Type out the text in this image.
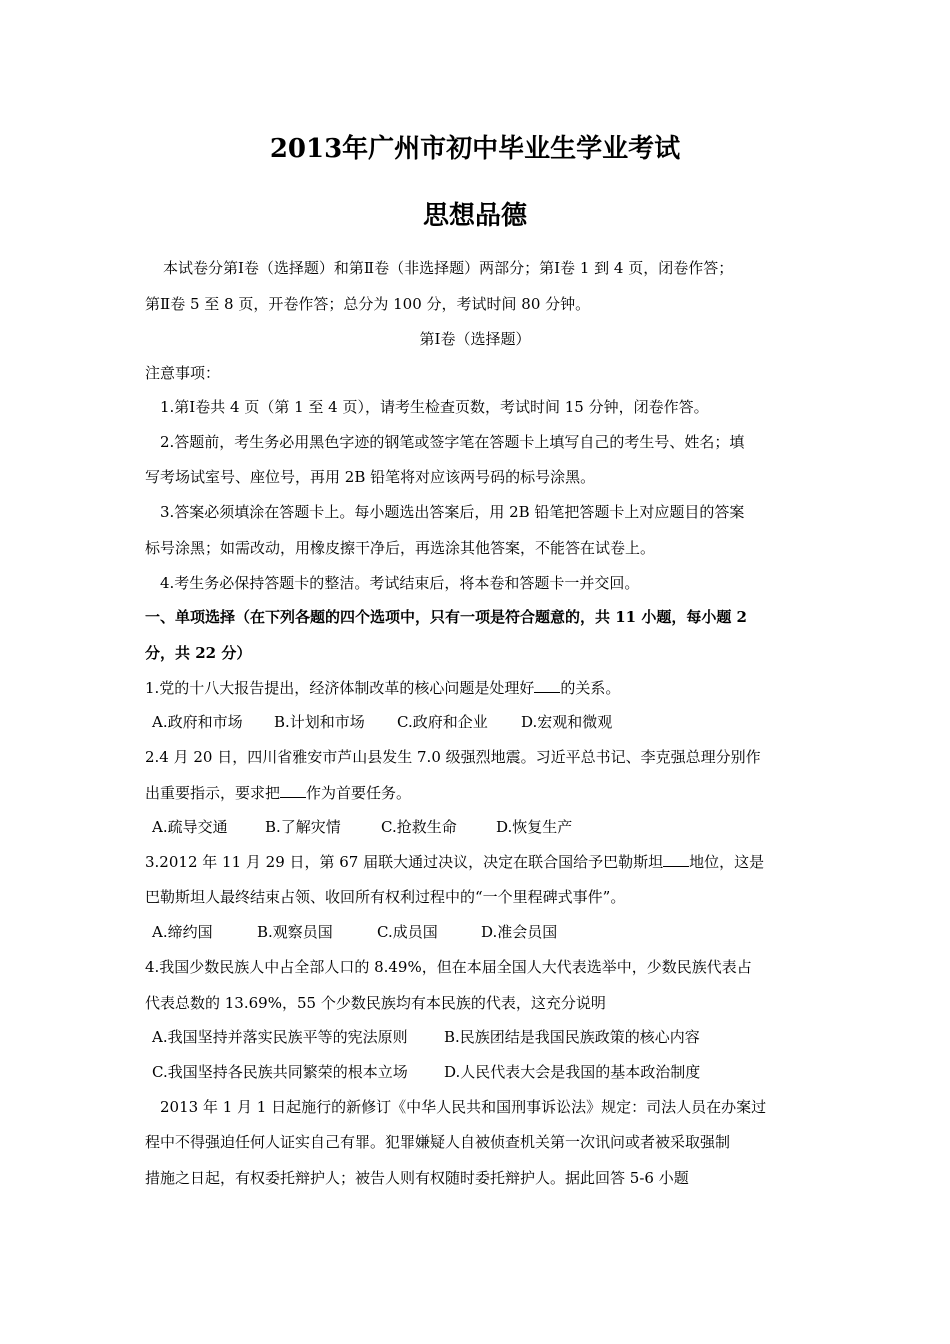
2013年广州市初中毕业生学业考试
思想品德
本试卷分第Ⅰ卷（选择题）和第Ⅱ卷（非选择题）两部分；第Ⅰ卷 1 到 4 页，闭卷作答；
第Ⅱ卷 5 至 8 页，开卷作答；总分为 100 分，考试时间 80 分钟。
第Ⅰ卷（选择题）
注意事项：
1.第Ⅰ卷共 4 页（第 1 至 4 页），请考生检查页数，考试时间 15 分钟，闭卷作答。
2.答题前，考生务必用黑色字迹的钢笔或签字笔在答题卡上填写自己的考生号、姓名；填
写考场试室号、座位号，再用 2B 铅笔将对应该两号码的标号涂黑。
3.答案必须填涂在答题卡上。每小题选出答案后，用 2B 铅笔把答题卡上对应题目的答案
标号涂黑；如需改动，用橡皮擦干净后，再选涂其他答案，不能答在试卷上。
4.考生务必保持答题卡的整洁。考试结束后，将本卷和答题卡一并交回。
一、单项选择（在下列各题的四个选项中，只有一项是符合题意的，共 11 小题，每小题 2
分，共 22 分）
1.党的十八大报告提出，经济体制改革的核心问题是处理好 的关系。
A.政府和市场 B.计划和市场 C.政府和企业 D.宏观和微观
2.4 月 20 日，四川省雅安市芦山县发生 7.0 级强烈地震。习近平总书记、李克强总理分别作
出重要指示，要求把 作为首要任务。
A.疏导交通 B.了解灾情	C.抢救生命	D.恢复生产
3.2012 年 11 月 29 日，第 67 届联大通过决议，决定在联合国给予巴勒斯坦 地位，这是
巴勒斯坦人最终结束占领、收回所有权利过程中的“一个里程碑式事件”。
A.缔约国	B.观察员国	C.成员国	D.准会员国
4.我国少数民族人中占全部人口的 8.49%，但在本届全国人大代表选举中，少数民族代表占
代表总数的 13.69%，55 个少数民族均有本民族的代表，这充分说明
A.我国坚持并落实民族平等的宪法原则 B.民族团结是我国民族政策的核心内容
C.我国坚持各民族共同繁荣的根本立场 D.人民代表大会是我国的基本政治制度
2013 年 1 月 1 日起施行的新修订《中华人民共和国刑事诉讼法》规定：司法人员在办案过
程中不得强迫任何人证实自己有罪。犯罪嫌疑人自被侦查机关第一次讯问或者被采取强制
措施之日起，有权委托辩护人；被告人则有权随时委托辩护人。据此回答 5-6 小题
